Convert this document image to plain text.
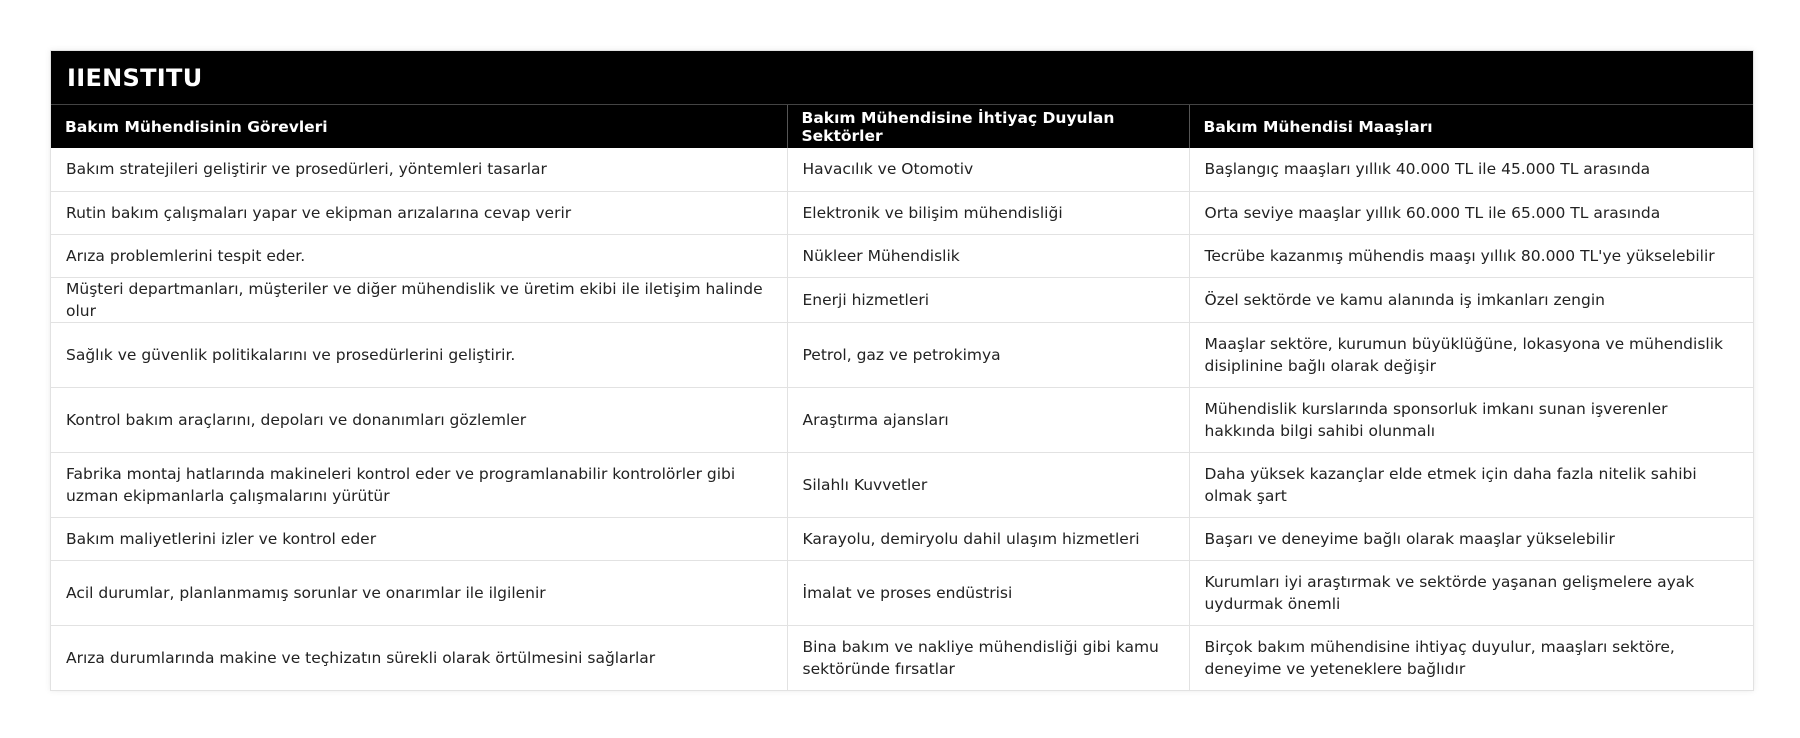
IIENSTITU
Bakım Mühendisinin Görevleri	Bakım Mühendisine İhtiyaç Duyulan Sektörler	Bakım Mühendisi Maaşları
Bakım stratejileri geliştirir ve prosedürleri, yöntemleri tasarlar	Havacılık ve Otomotiv	Başlangıç maaşları yıllık 40.000 TL ile 45.000 TL arasında
Rutin bakım çalışmaları yapar ve ekipman arızalarına cevap verir	Elektronik ve bilişim mühendisliği	Orta seviye maaşlar yıllık 60.000 TL ile 65.000 TL arasında
Arıza problemlerini tespit eder.	Nükleer Mühendislik	Tecrübe kazanmış mühendis maaşı yıllık 80.000 TL'ye yükselebilir
Müşteri departmanları, müşteriler ve diğer mühendislik ve üretim ekibi ile iletişim halinde olur	Enerji hizmetleri	Özel sektörde ve kamu alanında iş imkanları zengin
Sağlık ve güvenlik politikalarını ve prosedürlerini geliştirir.	Petrol, gaz ve petrokimya	Maaşlar sektöre, kurumun büyüklüğüne, lokasyona ve mühendislik disiplinine bağlı olarak değişir
Kontrol bakım araçlarını, depoları ve donanımları gözlemler	Araştırma ajansları	Mühendislik kurslarında sponsorluk imkanı sunan işverenler hakkında bilgi sahibi olunmalı
Fabrika montaj hatlarında makineleri kontrol eder ve programlanabilir kontrolörler gibi uzman ekipmanlarla çalışmalarını yürütür	Silahlı Kuvvetler	Daha yüksek kazançlar elde etmek için daha fazla nitelik sahibi olmak şart
Bakım maliyetlerini izler ve kontrol eder	Karayolu, demiryolu dahil ulaşım hizmetleri	Başarı ve deneyime bağlı olarak maaşlar yükselebilir
Acil durumlar, planlanmamış sorunlar ve onarımlar ile ilgilenir	İmalat ve proses endüstrisi	Kurumları iyi araştırmak ve sektörde yaşanan gelişmelere ayak uydurmak önemli
Arıza durumlarında makine ve teçhizatın sürekli olarak örtülmesini sağlarlar	Bina bakım ve nakliye mühendisliği gibi kamu sektöründe fırsatlar	Birçok bakım mühendisine ihtiyaç duyulur, maaşları sektöre, deneyime ve yeteneklere bağlıdır
